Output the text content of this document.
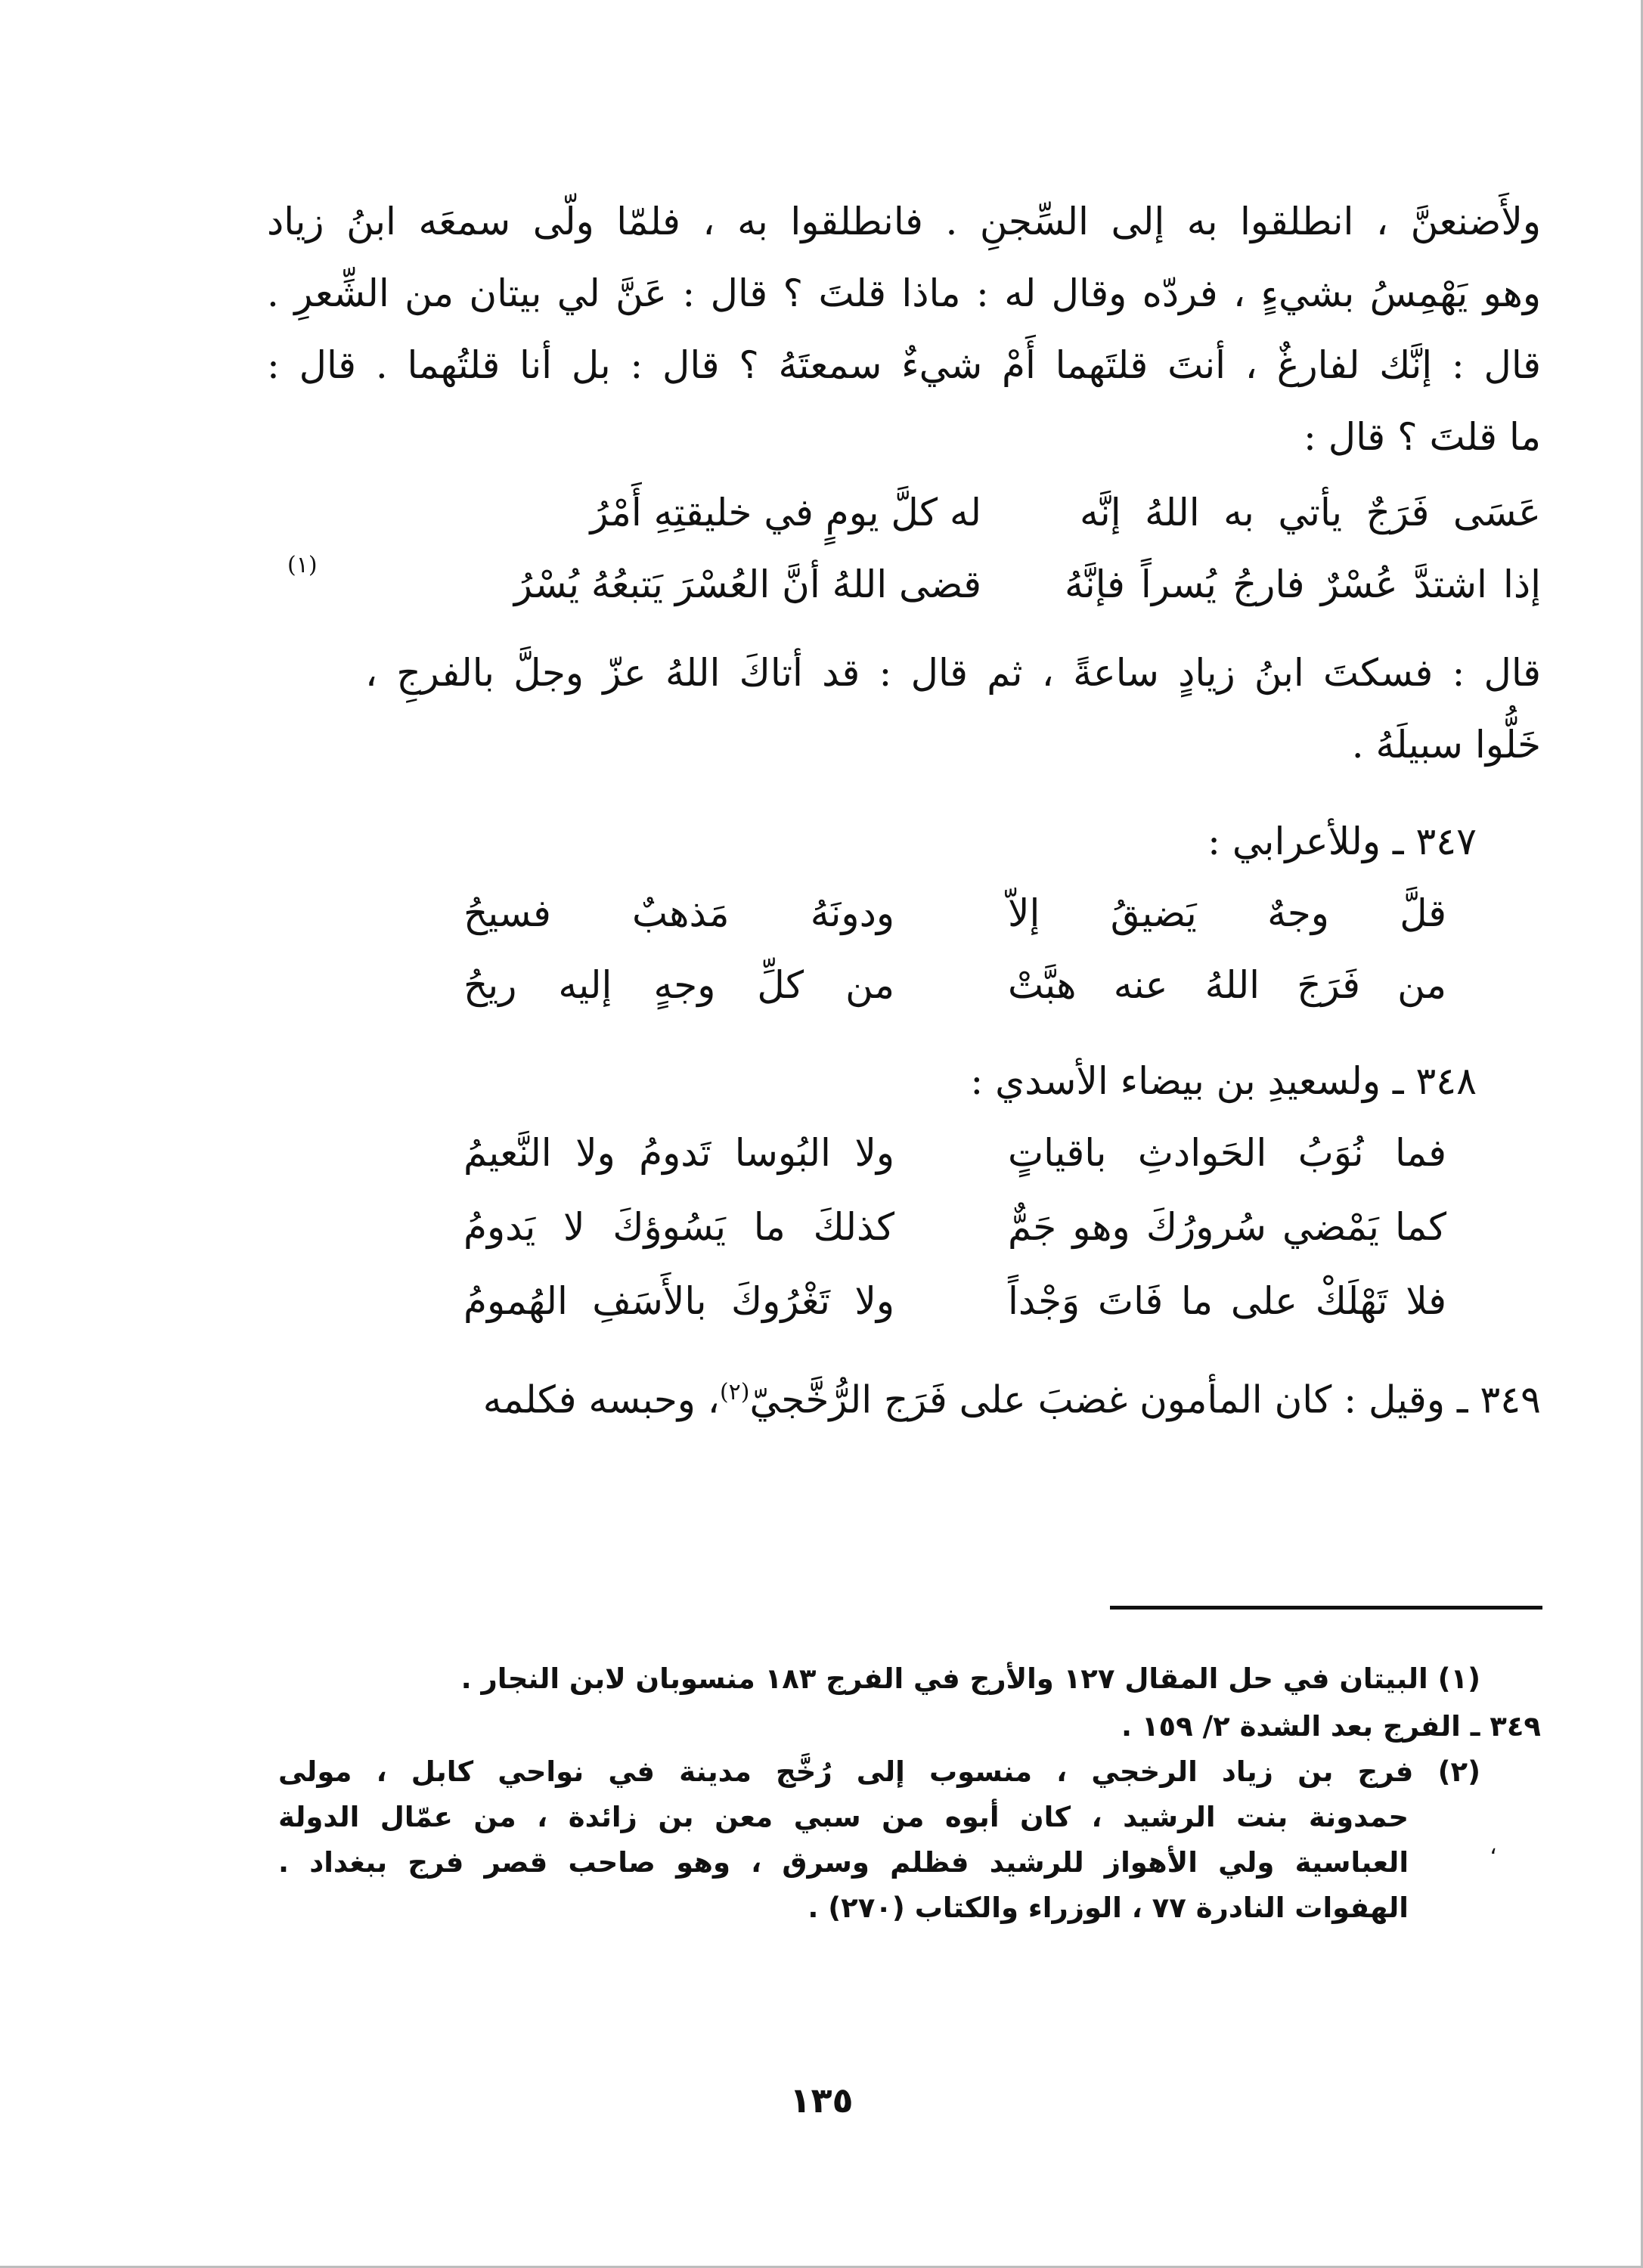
ولأَضنعنَّ ، انطلقوا به إلى السِّجنِ . فانطلقوا به ، فلمّا ولّى سمعَه ابنُ زياد
وهو يَهْمِسُ بشيءٍ ، فردّه وقال له : ماذا قلتَ ؟ قال : عَنَّ لي بيتان من الشِّعرِ .
قال : إنَّك لفارغٌ ، أنتَ قلتَهما أَمْ شيءٌ سمعتَهُ ؟ قال : بل أنا قلتُهما . قال :
ما قلتَ ؟ قال :
عَسَى فَرَجٌ يأتي به اللهُ إنَّه
له كلَّ يومٍ في خليقتِهِ أَمْرُ
إذا اشتدَّ عُسْرٌ فارجُ يُسراً فإنَّهُ
قضى اللهُ أنَّ العُسْرَ يَتبعُهُ يُسْرُ
(١)
قال : فسكتَ ابنُ زيادٍ ساعةً ، ثم قال : قد أتاكَ اللهُ عزّ وجلَّ بالفرجِ ،
خَلُّوا سبيلَهُ .
٣٤٧ ـ وللأعرابي :
قلَّ وجهٌ يَضيقُ إلاّ
ودونَهُ مَذهبٌ فسيحُ
من فَرَجَ اللهُ عنه هبَّتْ
من كلِّ وجهٍ إليه ريحُ
٣٤٨ ـ ولسعيدِ بن بيضاء الأسدي :
فما نُوَبُ الحَوادثِ باقياتٍ
ولا البُوسا تَدومُ ولا النَّعيمُ
كما يَمْضي سُرورُكَ وهو جَمٌّ
كذلكَ ما يَسُوؤكَ لا يَدومُ
فلا تَهْلَكْ على ما فَاتَ وَجْداً
ولا تَغْرُوكَ بالأَسَفِ الهُمومُ
٣٤٩ ـ وقيل : كان المأمون غضبَ على فَرَج الرُّخَّجيّ$^{(٢)}$، وحبسه فكلمه
(١) البيتان في حل المقال ١٢٧ والأرج في الفرج ١٨٣ منسوبان لابن النجار .
٣٤٩ ـ الفرج بعد الشدة ٢/ ١٥٩ .
(٢) فرج بن زياد الرخجي ، منسوب إلى رُخَّج مدينة في نواحي كابل ، مولى
حمدونة بنت الرشيد ، كان أبوه من سبي معن بن زائدة ، من عمّال الدولة
العباسية ولي الأهواز للرشيد فظلم وسرق ، وهو صاحب قصر فرج ببغداد .
الهفوات النادرة ٧٧ ، الوزراء والكتاب (٢٧٠) .
،
١٣٥
